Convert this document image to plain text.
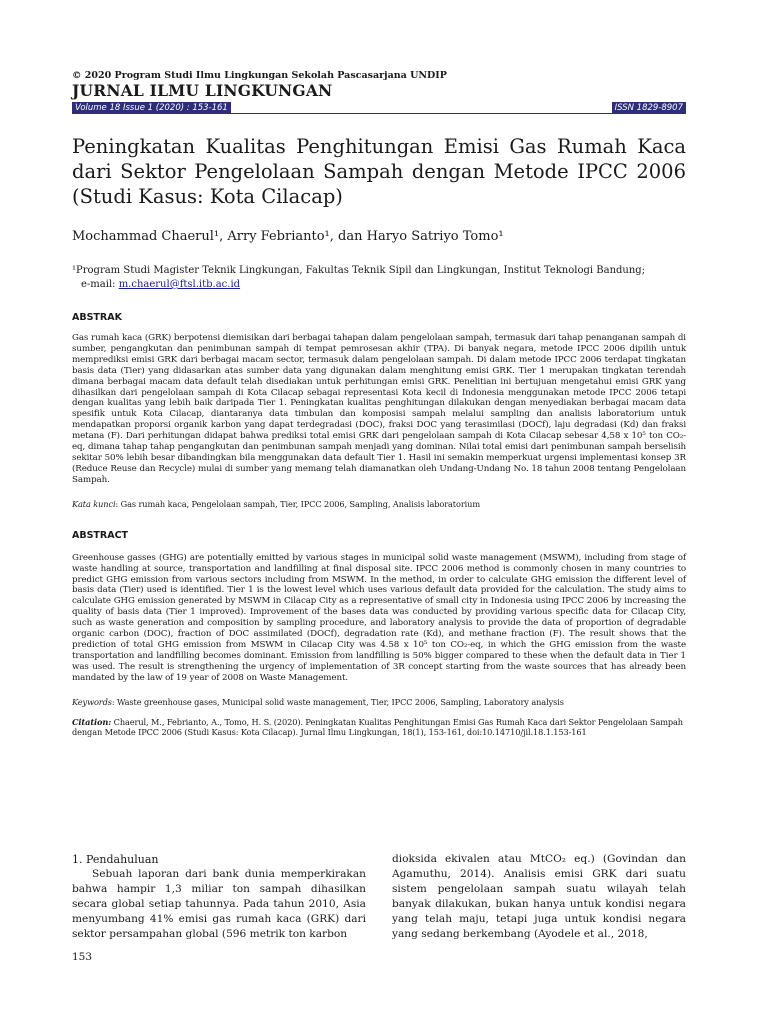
© 2020 Program Studi Ilmu Lingkungan Sekolah Pascasarjana UNDIP

JURNAL ILMU LINGKUNGAN

Volume 18 Issue 1 (2020) : 153-161	ISSN 1829-8907
Peningkatan Kualitas Penghitungan Emisi Gas Rumah Kaca dari Sektor Pengelolaan Sampah dengan Metode IPCC 2006 (Studi Kasus: Kota Cilacap)

Mochammad Chaerul¹, Arry Febrianto¹, dan Haryo Satriyo Tomo¹

¹Program Studi Magister Teknik Lingkungan, Fakultas Teknik Sipil dan Lingkungan, Institut Teknologi Bandung;
e-mail: m.chaerul@ftsl.itb.ac.id

ABSTRAK

Gas rumah kaca (GRK) berpotensi diemisikan dari berbagai tahapan dalam pengelolaan sampah, termasuk dari tahap penanganan sampah di sumber, pengangkutan dan penimbunan sampah di tempat pemrosesan akhir (TPA). Di banyak negara, metode IPCC 2006 dipilih untuk memprediksi emisi GRK dari berbagai macam sector, termasuk dalam pengelolaan sampah. Di dalam metode IPCC 2006 terdapat tingkatan basis data (Tier) yang didasarkan atas sumber data yang digunakan dalam menghitung emisi GRK. Tier 1 merupakan tingkatan terendah dimana berbagai macam data default telah disediakan untuk perhitungan emisi GRK. Penelitian ini bertujuan mengetahui emisi GRK yang dihasilkan dari pengelolaan sampah di Kota Cilacap sebagai representasi Kota kecil di Indonesia menggunakan metode IPCC 2006 tetapi dengan kualitas yang lebih baik daripada Tier 1. Peningkatan kualitas penghitungan dilakukan dengan menyediakan berbagai macam data spesifik untuk Kota Cilacap, diantaranya data timbulan dan komposisi sampah melalui sampling dan analisis laboratorium untuk mendapatkan proporsi organik karbon yang dapat terdegradasi (DOC), fraksi DOC yang terasimilasi (DOCf), laju degradasi (Kd) dan fraksi metana (F). Dari perhitungan didapat bahwa prediksi total emisi GRK dari pengelolaan sampah di Kota Cilacap sebesar 4,58 x 10⁵ ton CO₂-eq, dimana tahap tahap pengangkutan dan penimbunan sampah menjadi yang dominan. Nilai total emisi dari penimbunan sampah berselisih sekitar 50% lebih besar dibandingkan bila menggunakan data default Tier 1. Hasil ini semakin memperkuat urgensi implementasi konsep 3R (Reduce Reuse dan Recycle) mulai di sumber yang memang telah diamanatkan oleh Undang-Undang No. 18 tahun 2008 tentang Pengelolaan Sampah.

Kata kunci: Gas rumah kaca, Pengelolaan sampah, Tier, IPCC 2006, Sampling, Analisis laboratorium

ABSTRACT

Greenhouse gasses (GHG) are potentially emitted by various stages in municipal solid waste management (MSWM), including from stage of waste handling at source, transportation and landfilling at final disposal site. IPCC 2006 method is commonly chosen in many countries to predict GHG emission from various sectors including from MSWM. In the method, in order to calculate GHG emission the different level of basis data (Tier) used is identified. Tier 1 is the lowest level which uses various default data provided for the calculation. The study aims to calculate GHG emission generated by MSWM in Cilacap City as a representative of small city in Indonesia using IPCC 2006 by increasing the quality of basis data (Tier 1 improved). Improvement of the bases data was conducted by providing various specific data for Cilacap City, such as waste generation and composition by sampling procedure, and laboratory analysis to provide the data of proportion of degradable organic carbon (DOC), fraction of DOC assimilated (DOCf), degradation rate (Kd), and methane fraction (F). The result shows that the prediction of total GHG emission from MSWM in Cilacap City was 4.58 x 10⁵ ton CO₂-eq, in which the GHG emission from the waste transportation and landfilling becomes dominant. Emission from landfilling is 50% bigger compared to these when the default data in Tier 1 was used. The result is strengthening the urgency of implementation of 3R concept starting from the waste sources that has already been mandated by the law of 19 year of 2008 on Waste Management.

Keywords: Waste greenhouse gases, Municipal solid waste management, Tier, IPCC 2006, Sampling, Laboratory analysis

Citation: Chaerul, M., Febrianto, A., Tomo, H. S. (2020). Peningkatan Kualitas Penghitungan Emisi Gas Rumah Kaca dari Sektor Pengelolaan Sampah dengan Metode IPCC 2006 (Studi Kasus: Kota Cilacap). Jurnal Ilmu Lingkungan, 18(1), 153-161, doi:10.14710/jil.18.1.153-161

1. Pendahuluan

Sebuah laporan dari bank dunia memperkirakan bahwa hampir 1,3 miliar ton sampah dihasilkan secara global setiap tahunnya. Pada tahun 2010, Asia menyumbang 41% emisi gas rumah kaca (GRK) dari sektor persampahan global (596 metrik ton karbon

dioksida ekivalen atau MtCO₂ eq.) (Govindan dan Agamuthu, 2014). Analisis emisi GRK dari suatu sistem pengelolaan sampah suatu wilayah telah banyak dilakukan, bukan hanya untuk kondisi negara yang telah maju, tetapi juga untuk kondisi negara yang sedang berkembang (Ayodele et al., 2018,

153
